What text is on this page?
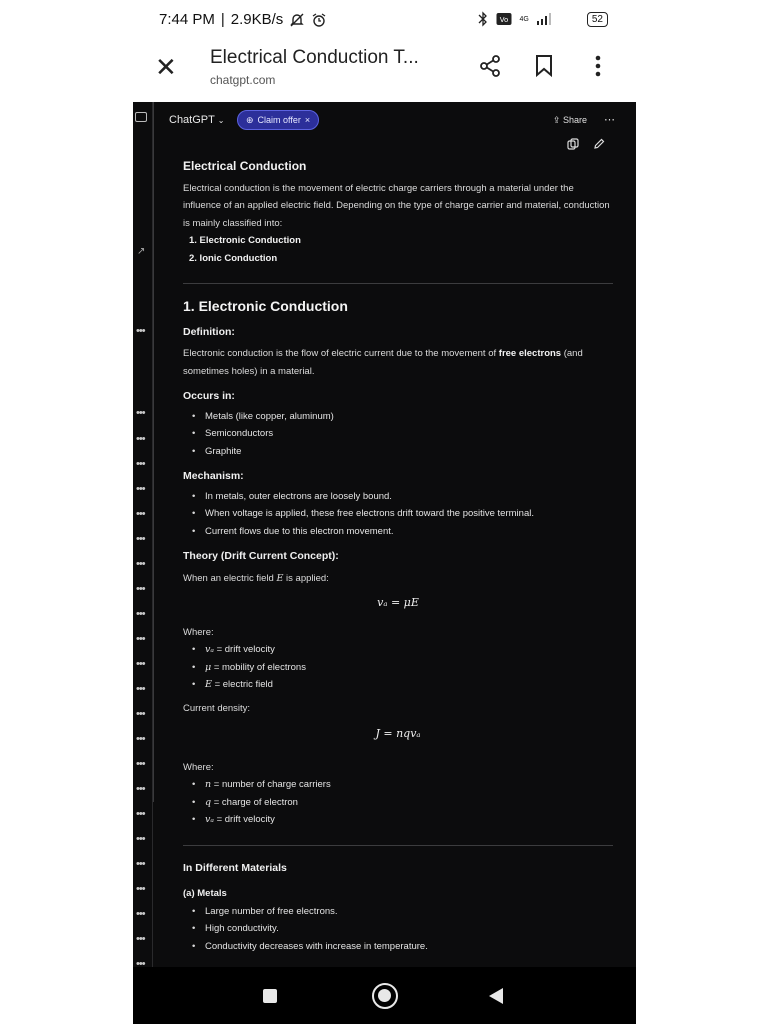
7:44 PM | 2.9KB/s	Vo 4G	52
✕ Electrical Conduction T...
chatgpt.com
↗
•••
•••
•••
•••
•••
•••
•••
•••
•••
•••
•••
•••
•••
•••
•••
•••
•••
•••
•••
•••
•••
•••
•••
•••
ChatGPT ⌄ ⊕ Claim offer ×	⇪ Share ⋯
Electrical Conduction
Electrical conduction is the movement of electric charge carriers through a material under the influence of an applied electric field. Depending on the type of charge carrier and material, conduction is mainly classified into:
1. Electronic Conduction
2. Ionic Conduction
1. Electronic Conduction
Definition:
Electronic conduction is the flow of electric current due to the movement of free electrons (and sometimes holes) in a material.
Occurs in:
• Metals (like copper, aluminum)
• Semiconductors
• Graphite
Mechanism:
• In metals, outer electrons are loosely bound.
• When voltage is applied, these free electrons drift toward the positive terminal.
• Current flows due to this electron movement.
Theory (Drift Current Concept):
When an electric field E is applied:
vₐ = μE
Where:
• vₐ = drift velocity
• μ = mobility of electrons
• E = electric field
Current density:
J = nqvₐ
Where:
• n = number of charge carriers
• q = charge of electron
• vₐ = drift velocity
In Different Materials
(a) Metals
• Large number of free electrons.
• High conductivity.
• Conductivity decreases with increase in temperature.
